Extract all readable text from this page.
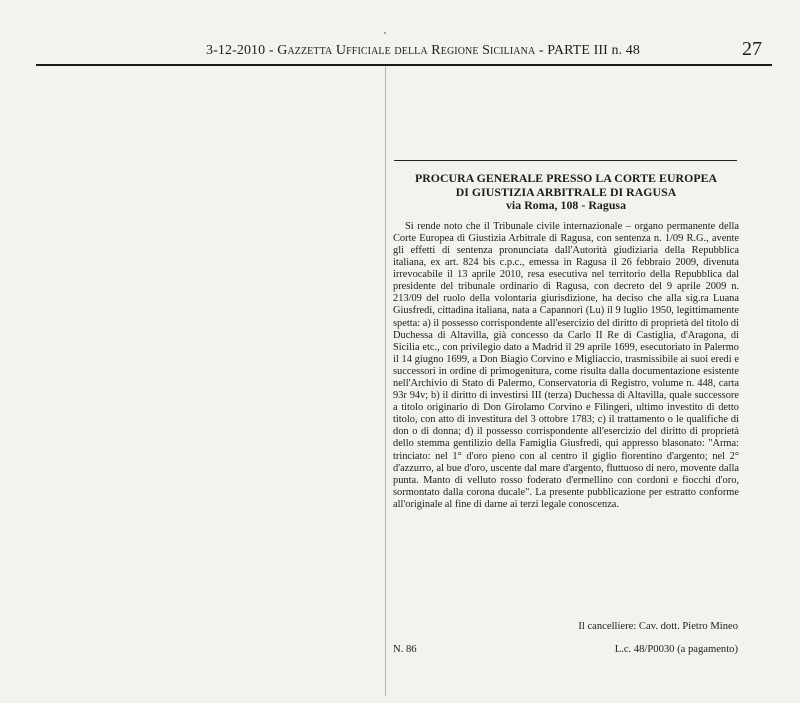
3-12-2010 - Gazzetta Ufficiale della Regione Siciliana - PARTE III n. 48	27

PROCURA GENERALE PRESSO LA CORTE EUROPEA
DI GIUSTIZIA ARBITRALE DI RAGUSA
via Roma, 108 - Ragusa

Si rende noto che il Tribunale civile internazionale – organo permanente della Corte Europea di Giustizia Arbitrale di Ragusa, con sentenza n. 1/09 R.G., avente gli effetti di sentenza pronunciata dall'Autorità giudiziaria della Repubblica italiana, ex art. 824 bis c.p.c., emessa in Ragusa il 26 febbraio 2009, divenuta irrevocabile il 13 aprile 2010, resa esecutiva nel territorio della Repubblica dal presidente del tribunale ordinario di Ragusa, con decreto del 9 aprile 2009 n. 213/09 del ruolo della volontaria giurisdizione, ha deciso che alla sig.ra Luana Giusfredi, cittadina italiana, nata a Capannori (Lu) il 9 luglio 1950, legittimamente spetta: a) il possesso corrispondente all'esercizio del diritto di proprietà del titolo di Duchessa di Altavilla, già concesso da Carlo II Re di Castiglia, d'Aragona, di Sicilia etc., con privilegio dato a Madrid il 29 aprile 1699, esecutoriato in Palermo il 14 giugno 1699, a Don Biagio Corvino e Migliaccio, trasmissibile ai suoi eredi e successori in ordine di primogenitura, come risulta dalla documentazione esistente nell'Archivio di Stato di Palermo, Conservatoria di Registro, volume n. 448, carta 93r 94v; b) il diritto di investirsi III (terza) Duchessa di Altavilla, quale successore a titolo originario di Don Girolamo Corvino e Filingeri, ultimo investito di detto titolo, con atto di investitura del 3 ottobre 1783; c) il trattamento o le qualifiche di don o di donna; d) il possesso corrispondente all'esercizio del diritto di proprietà dello stemma gentilizio della Famiglia Giusfredi, qui appresso blasonato: "Arma: trinciato: nel 1° d'oro pieno con al centro il giglio fiorentino d'argento; nel 2° d'azzurro, al bue d'oro, uscente dal mare d'argento, fluttuoso di nero, movente dalla punta. Manto di velluto rosso foderato d'ermellino con cordoni e fiocchi d'oro, sormontato dalla corona ducale". La presente pubblicazione per estratto conforme all'originale al fine di darne ai terzi legale conoscenza.

Il cancelliere: Cav. dott. Pietro Mineo
N. 86	L.c. 48/P0030 (a pagamento)
